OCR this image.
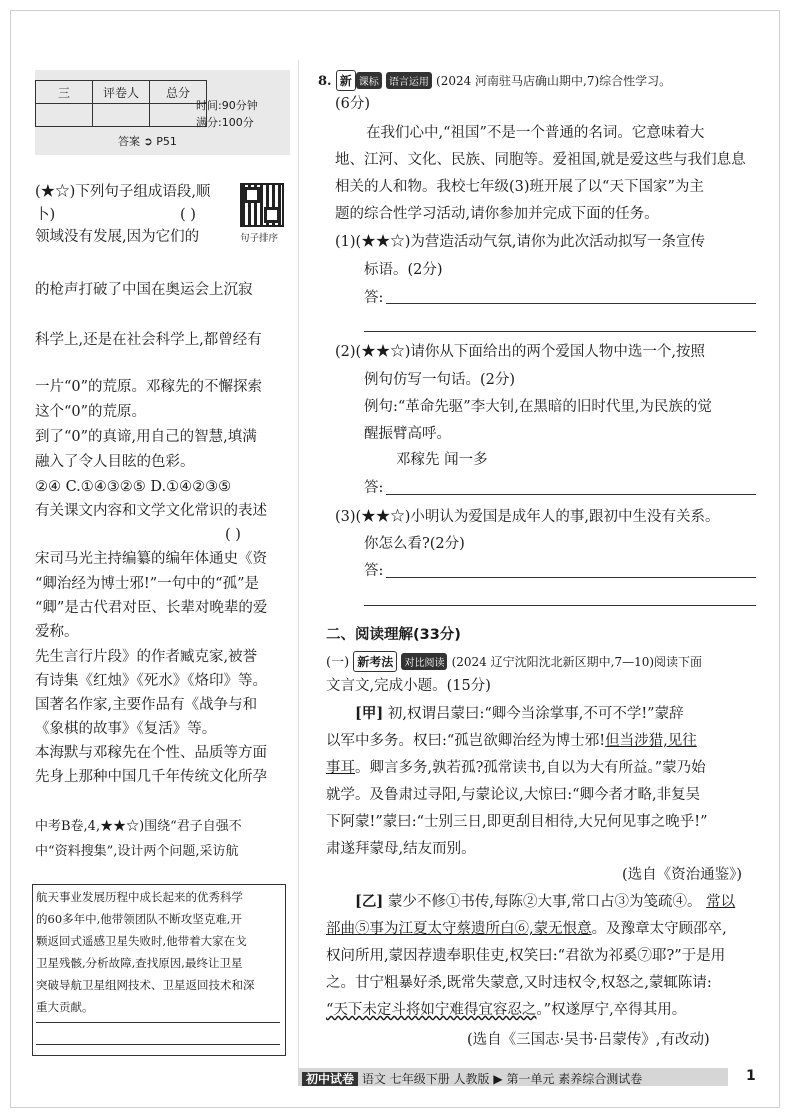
三	评卷人	总分

时间:90分钟
满分:100分
答案 ➲ P51
(★☆)下列句子组成语段,顺
卜)	( )
句子排序
领域没有发展,因为它们的
的枪声打破了中国在奥运会上沉寂
科学上,还是在社会科学上,都曾经有
一片“0”的荒原。邓稼先的不懈探索
这个“0”的荒原。
到了“0”的真谛,用自己的智慧,填满
融入了令人目眩的色彩。
②④ C.①④③②⑤ D.①④②③⑤
有关课文内容和文学文化常识的表述
( )
宋司马光主持编纂的编年体通史《资
“卿治经为博士邪!”一句中的“孤”是
“卿”是古代君对臣、长辈对晚辈的爱
爱称。
先生言行片段》的作者臧克家,被誉
有诗集《红烛》《死水》《烙印》等。
国著名作家,主要作品有《战争与和
《象棋的故事》《复活》等。
本海默与邓稼先在个性、品质等方面
先身上那种中国几千年传统文化所孕
中考B卷,4,★★☆)围绕“君子自强不
中“资料搜集”,设计两个问题,采访航
航天事业发展历程中成长起来的优秀科学
的60多年中,他带领团队不断攻坚克难,开
颗返回式遥感卫星失败时,他带着大家在戈
卫星残骸,分析故障,查找原因,最终让卫星
突破导航卫星组网技术、卫星返回技术和深
重大贡献。
8. 新 课标 语言运用 (2024 河南驻马店确山期中,7)综合性学习。
(6分)
在我们心中,“祖国”不是一个普通的名词。它意味着大
地、江河、文化、民族、同胞等。爱祖国,就是爱这些与我们息息
相关的人和物。我校七年级(3)班开展了以“天下国家”为主
题的综合性学习活动,请你参加并完成下面的任务。
(1)(★★☆)为营造活动气氛,请你为此次活动拟写一条宣传
标语。(2分)
答:
(2)(★★☆)请你从下面给出的两个爱国人物中选一个,按照
例句仿写一句话。(2分)
例句:“革命先驱”李大钊,在黑暗的旧时代里,为民族的觉
醒振臂高呼。
邓稼先 闻一多
答:
(3)(★★☆)小明认为爱国是成年人的事,跟初中生没有关系。
你怎么看?(2分)
答:
二、阅读理解(33分)
(一) 新考法 对比阅读 (2024 辽宁沈阳沈北新区期中,7—10)阅读下面
文言文,完成小题。(15分)
[甲] 初,权谓吕蒙曰:“卿今当涂掌事,不可不学!”蒙辞
以军中多务。权曰:“孤岂欲卿治经为博士邪!但当涉猎,见往
事耳。卿言多务,孰若孤?孤常读书,自以为大有所益。”蒙乃始
就学。及鲁肃过寻阳,与蒙论议,大惊曰:“卿今者才略,非复吴
下阿蒙!”蒙曰:“士别三日,即更刮目相待,大兄何见事之晚乎!”
肃遂拜蒙母,结友而别。
(选自《资治通鉴》)
[乙] 蒙少不修①书传,每陈②大事,常口占③为笺疏④。 常以
部曲⑤事为江夏太守蔡遗所白⑥,蒙无恨意。及豫章太守顾邵卒,
权问所用,蒙因荐遗奉职佳吏,权笑曰:“君欲为祁奚⑦耶?”于是用
之。甘宁粗暴好杀,既常失蒙意,又时违权令,权怒之,蒙辄陈请:
“天下未定斗将如宁难得宜容忍之。”权遂厚宁,卒得其用。
(选自《三国志·吴书·吕蒙传》,有改动)
初中试卷 语文 七年级下册 人教版 ▶ 第一单元 素养综合测试卷	1
